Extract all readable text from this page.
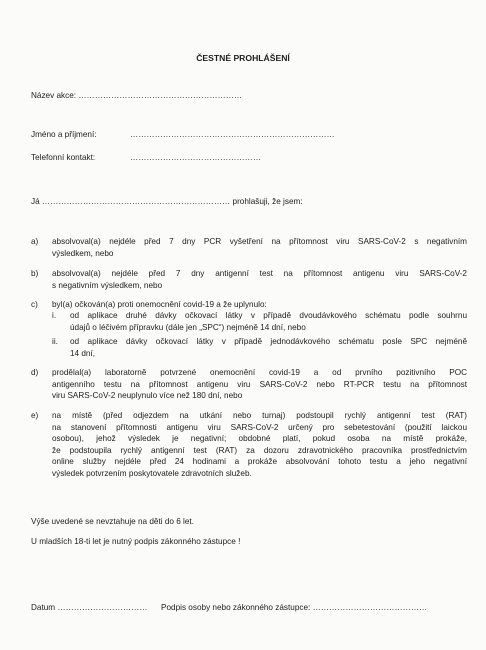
ČESTNÉ PROHLÁŠENÍ
Název akce: ……………………………………………………
Jméno a příjmení:	…………………………………………………………………
Telefonní kontakt:	…………………………………………
Já …………………………………………………………… prohlašuji, že jsem:
a) absolvoval(a) nejdéle před 7 dny PCR vyšetření na přítomnost viru SARS-CoV-2 s negativním
výsledkem, nebo
b) absolvoval(a) nejdéle před 7 dny antigenní test na přítomnost antigenu viru SARS-CoV-2
s negativním výsledkem, nebo
c) byl(a) očkován(a) proti onemocnění covid-19 a že uplynulo:
i. od aplikace druhé dávky očkovací látky v případě dvoudávkového schématu podle souhrnu
údajů o léčivém přípravku (dále jen „SPC“) nejméně 14 dní, nebo
ii. od aplikace dávky očkovací látky v případě jednodávkového schématu posle SPC nejméně
14 dní,
d) prodělal(a) laboratorně potvrzené onemocnění covid-19 a od prvního pozitivního POC
antigenního testu na přítomnost antigenu viru SARS-CoV-2 nebo RT-PCR testu na přítomnost
viru SARS-CoV-2 neuplynulo více než 180 dní, nebo
e) na místě (před odjezdem na utkání nebo turnaj) podstoupil rychlý antigenní test (RAT)
na stanovení přítomnosti antigenu viru SARS-CoV-2 určený pro sebetestování (použití laickou
osobou), jehož výsledek je negativní; obdobné platí, pokud osoba na místě prokáže,
že podstoupila rychlý antigenní test (RAT) za dozoru zdravotnického pracovníka prostřednictvím
online služby nejdéle před 24 hodinami a prokáže absolvování tohoto testu a jeho negativní
výsledek potvrzením poskytovatele zdravotních služeb.
Výše uvedené se nevztahuje na děti do 6 let.
U mladších 18-ti let je nutný podpis zákonného zástupce !
Datum …………………………… Podpis osoby nebo zákonného zástupce: ……………………………………
